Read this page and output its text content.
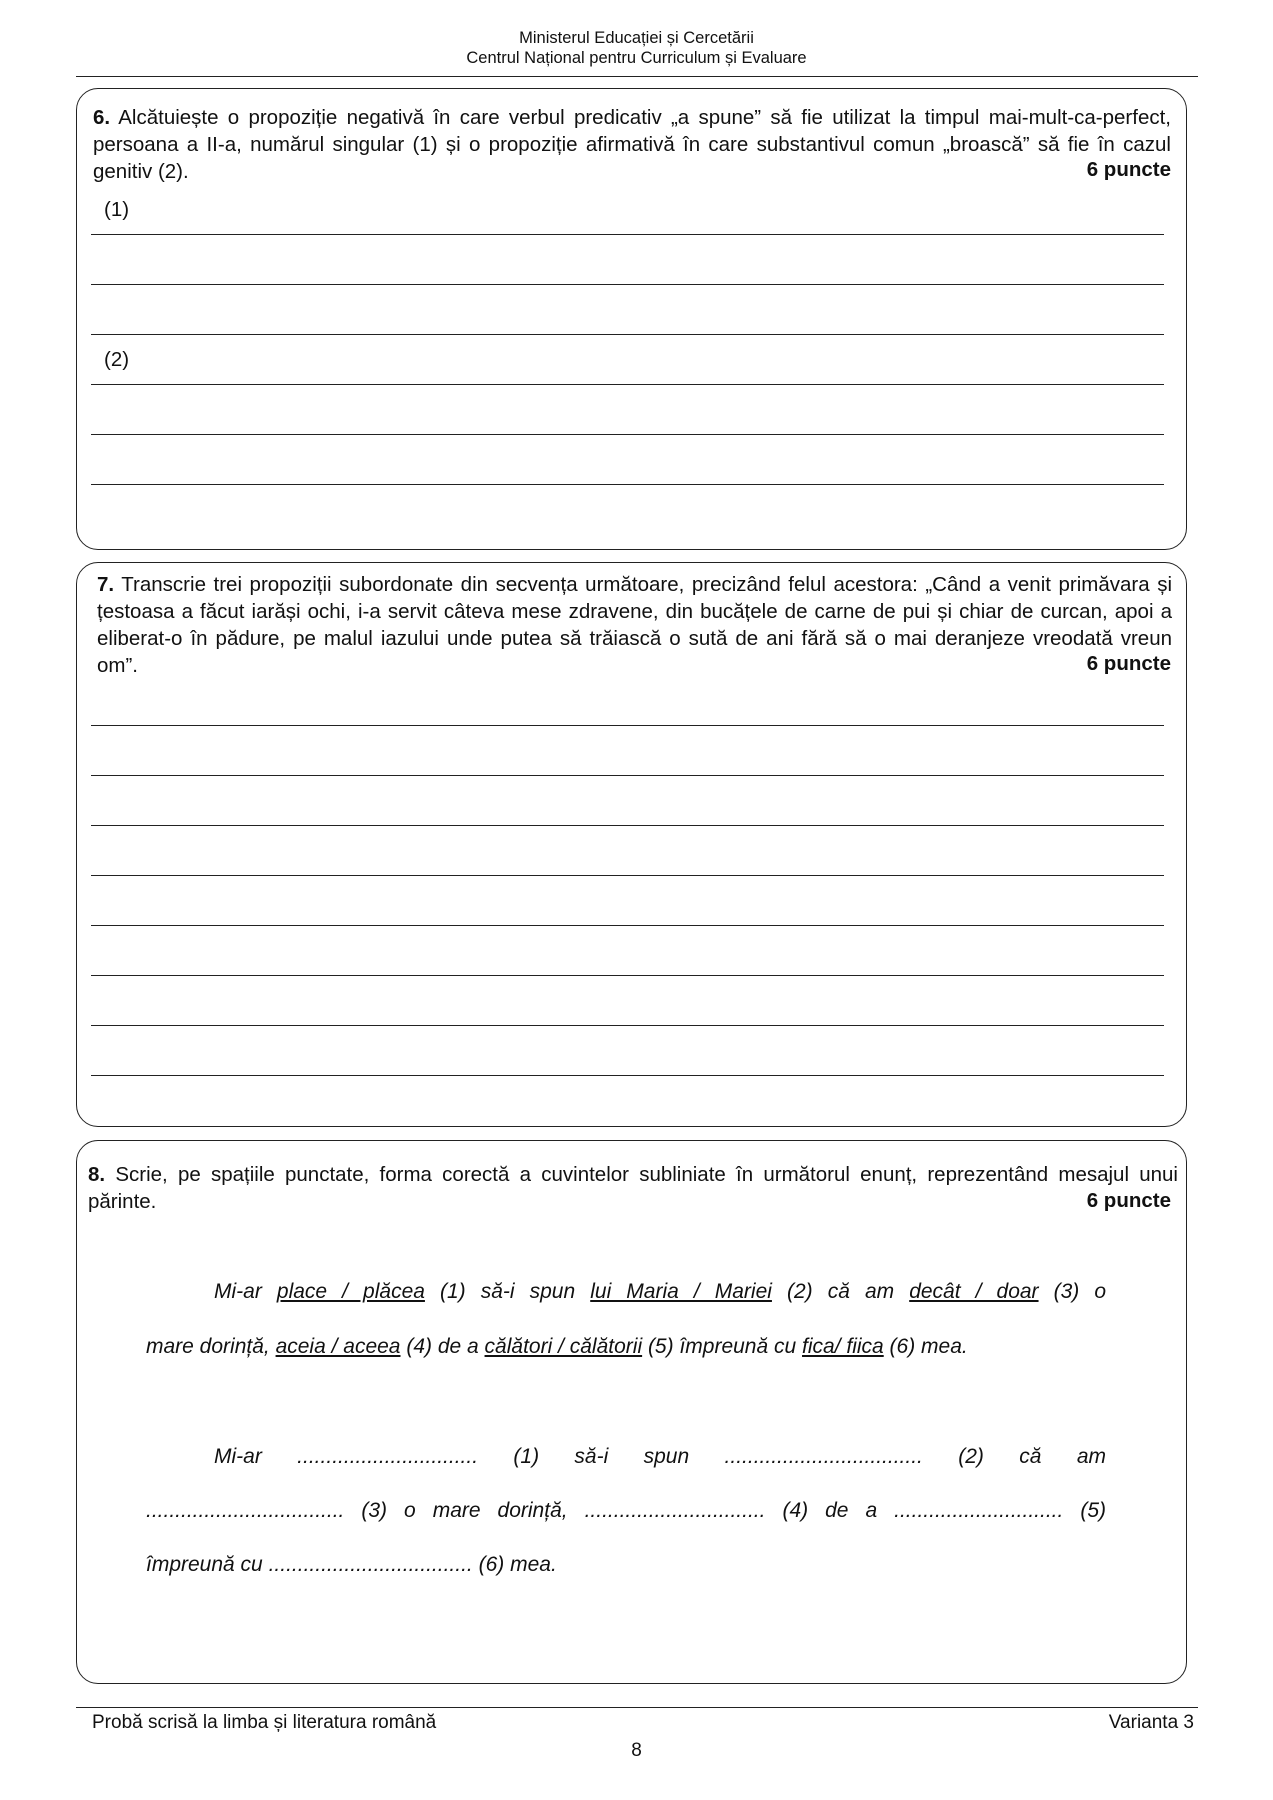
Ministerul Educației și Cercetării
Centrul Național pentru Curriculum și Evaluare
6. Alcătuiește o propoziție negativă în care verbul predicativ „a spune” să fie utilizat la timpul mai-mult-ca-perfect, persoana a II-a, numărul singular (1) și o propoziție afirmativă în care substantivul comun „broască” să fie în cazul genitiv (2).	6 puncte
(1)
(2)
7. Transcrie trei propoziții subordonate din secvența următoare, precizând felul acestora: „Când a venit primăvara și țestoasa a făcut iarăși ochi, i-a servit câteva mese zdravene, din bucățele de carne de pui și chiar de curcan, apoi a eliberat-o în pădure, pe malul iazului unde putea să trăiască o sută de ani fără să o mai deranjeze vreodată vreun om”.	6 puncte
8. Scrie, pe spațiile punctate, forma corectă a cuvintelor subliniate în următorul enunț, reprezentând mesajul unui părinte.	6 puncte
Mi-ar place / plăcea (1) să-i spun lui Maria / Mariei (2) că am decât / doar (3) o
mare dorință, aceia / aceea (4) de a călători / călătorii (5) împreună cu fica/ fiica (6) mea.
Mi-ar ............................... (1) să-i spun .................................. (2) că am
.................................. (3) o mare dorință, ............................... (4) de a ............................. (5)
împreună cu ................................... (6) mea.
Probă scrisă la limba și literatura română	Varianta 3
8
